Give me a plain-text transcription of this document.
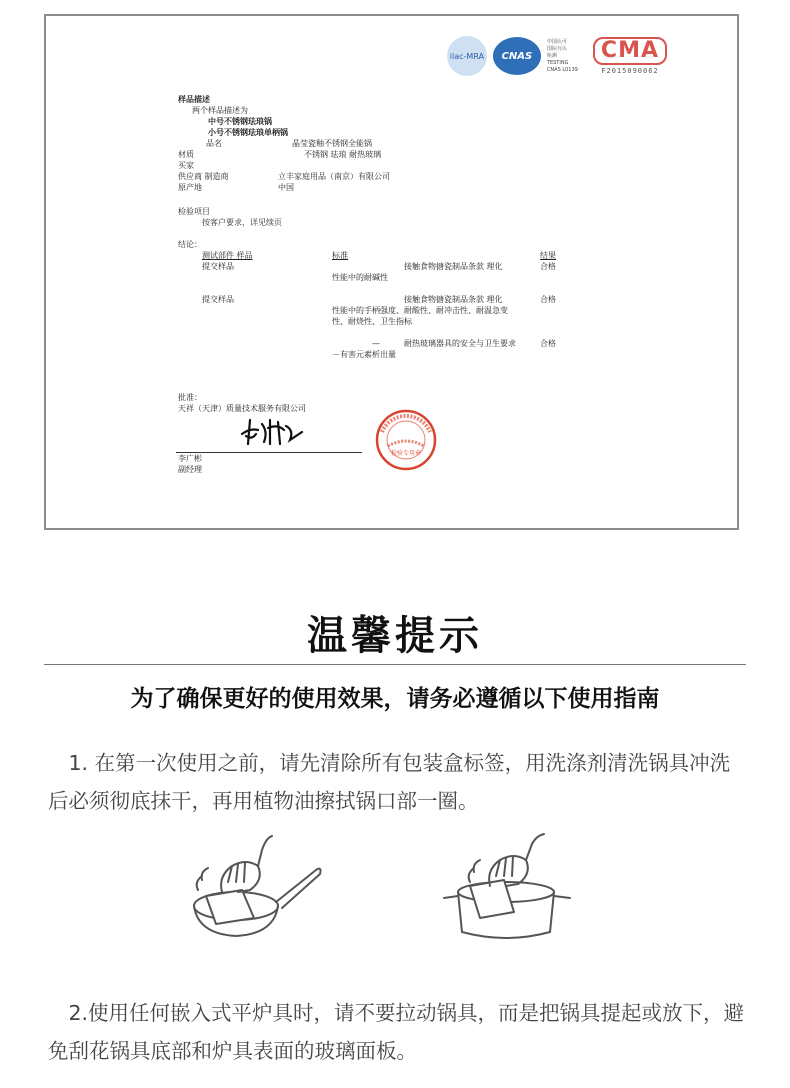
ilac-MRA CNAS
中国认可
国际互认
检测
TESTING
CNAS L0139
CMA
F2015090062
样品描述
两个样品描述为
中号不锈钢珐琅锅
小号不锈钢珐琅单柄锅
品名	晶莹瓷釉不锈钢全能锅
材质	不锈钢 珐琅 耐热玻璃
买家
供应商 制造商	立丰家庭用品（南京）有限公司
原产地	中国
检验项目
按客户要求，详见续页
结论：
测试部件 样品	标准	结果
提交样品	接触食物搪瓷制品条款 理化	合格
性能中的耐碱性
提交样品	接触食物搪瓷制品条款 理化	合格
性能中的手柄强度、耐酸性、耐冲击性、耐温急变
性、耐烧性、卫生指标
—	耐热玻璃器具的安全与卫生要求	合格
－有害元素析出量
批准：
天祥（天津）质量技术服务有限公司
李广彬
副经理
检验专用章
温馨提示
为了确保更好的使用效果，请务必遵循以下使用指南
　1. 在第一次使用之前，请先清除所有包装盒标签，用洗涤剂清洗锅具冲洗后必须彻底抹干，再用植物油擦拭锅口部一圈。
　2.使用任何嵌入式平炉具时，请不要拉动锅具，而是把锅具提起或放下，避免刮花锅具底部和炉具表面的玻璃面板。
